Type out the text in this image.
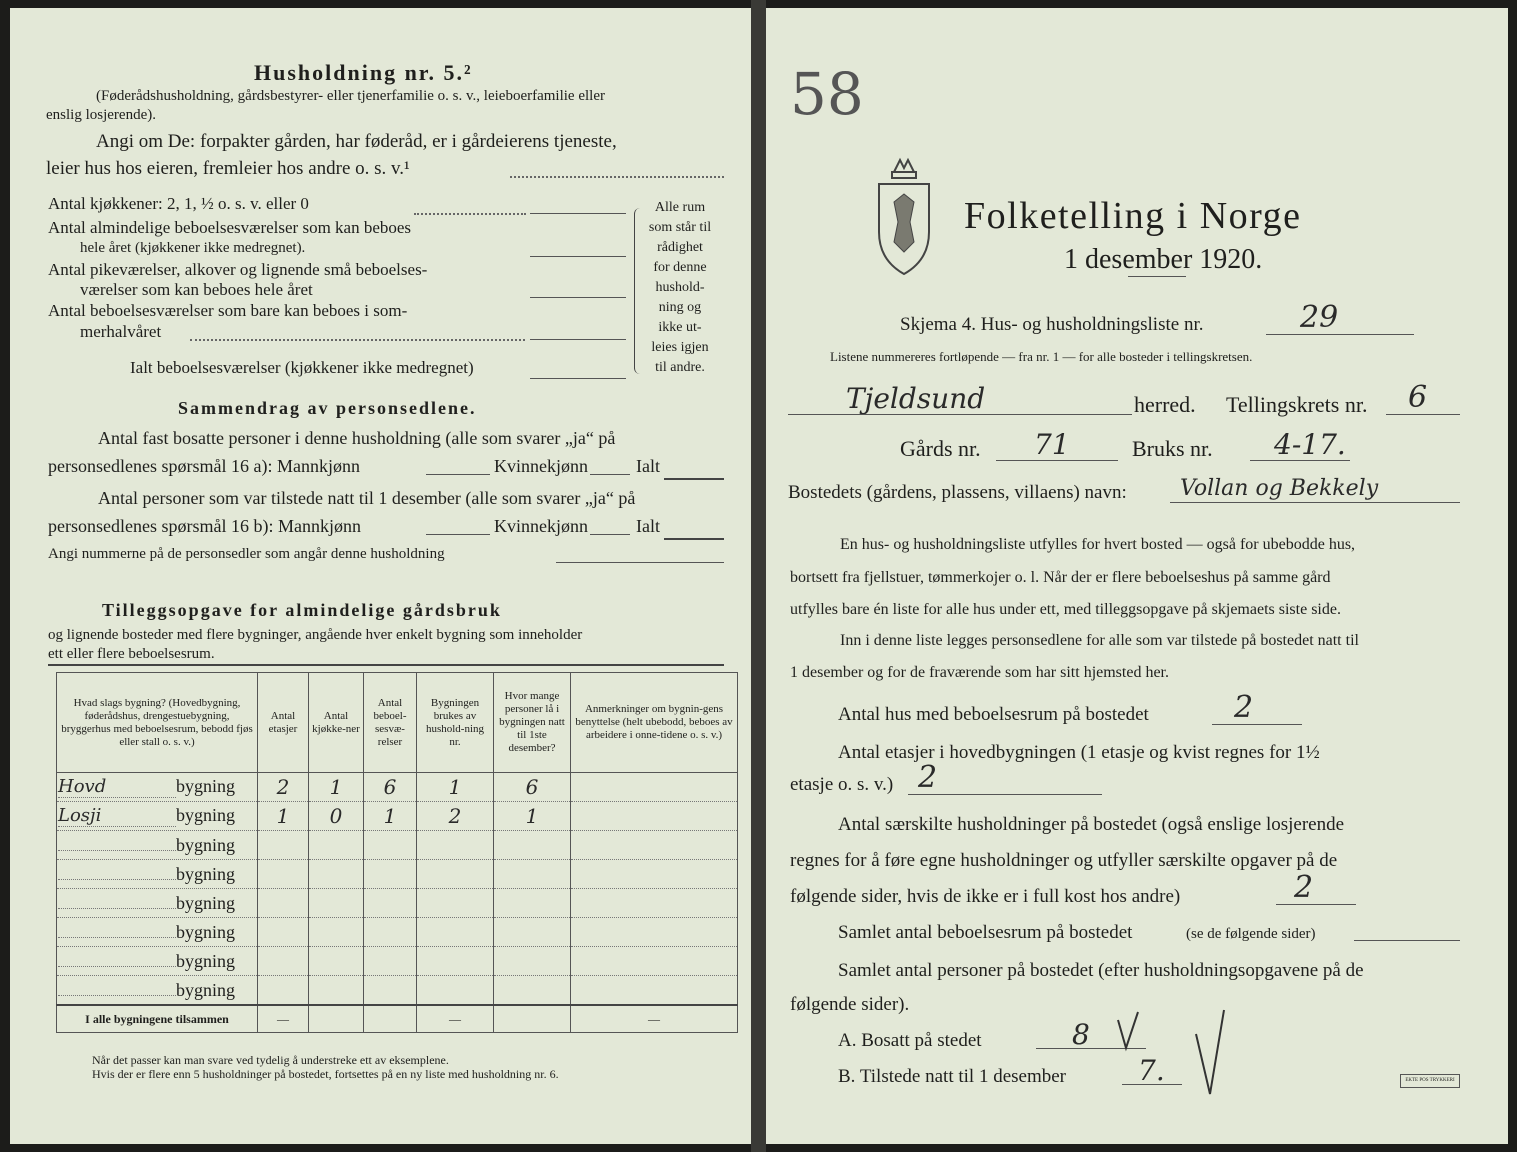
Husholdning nr. 5.²
(Føderådshusholdning, gårdsbestyrer- eller tjenerfamilie o. s. v., leieboerfamilie eller
enslig losjerende).
Angi om De: forpakter gården, har føderåd, er i gårdeierens tjeneste,
leier hus hos eieren, fremleier hos andre o. s. v.¹
Antal kjøkkener: 2, 1, ½ o. s. v. eller 0
Antal almindelige beboelsesværelser som kan beboes
hele året (kjøkkener ikke medregnet).
Antal pikeværelser, alkover og lignende små beboelses-
værelser som kan beboes hele året
Antal beboelsesværelser som bare kan beboes i som-
merhalvåret
Ialt beboelsesværelser (kjøkkener ikke medregnet)
Alle rum
som står til
rådighet
for denne
hushold-
ning og
ikke ut-
leies igjen
til andre.
Sammendrag av personsedlene.
Antal fast bosatte personer i denne husholdning (alle som svarer „ja“ på
personsedlenes spørsmål 16 a): Mannkjønn	Kvinnekjønn	Ialt
Antal personer som var tilstede natt til 1 desember (alle som svarer „ja“ på
personsedlenes spørsmål 16 b): Mannkjønn	Kvinnekjønn	Ialt
Angi nummerne på de personsedler som angår denne husholdning
Tilleggsopgave for almindelige gårdsbruk
og lignende bosteder med flere bygninger, angående hver enkelt bygning som inneholder
ett eller flere beboelsesrum.
Hvad slags bygning? (Hovedbygning, føderådshus, drengestuebygning, bryggerhus med beboelsesrum, bebodd fjøs eller stall o. s. v.)	Antal etasjer	Antal kjøkke-ner	Antal beboel-sesvæ-relser	Bygningen brukes av hushold-ning nr.	Hvor mange personer lå i bygningen natt til 1ste desember?	Anmerkninger om bygnin-gens benyttelse (helt ubebodd, beboes av arbeidere i onne-tidene o. s. v.)
Hovd bygning	2	1	6	1	6	
Losji bygning	1	0	1	2	1	
bygning						
bygning						
bygning						
bygning						
bygning						
bygning						
I alle bygningene tilsammen	—			—		—
Når det passer kan man svare ved tydelig å understreke ett av eksemplene.
Hvis der er flere enn 5 husholdninger på bostedet, fortsettes på en ny liste med husholdning nr. 6.
58
Folketelling i Norge
1 desember 1920.
Skjema 4. Hus- og husholdningsliste nr.	29
Listene nummereres fortløpende — fra nr. 1 — for alle bosteder i tellingskretsen.
Tjeldsund	herred. Tellingskrets nr. 6
Gårds nr. 71	Bruks nr. 4-17.
Bostedets (gårdens, plassens, villaens) navn: Vollan og Bekkely
En hus- og husholdningsliste utfylles for hvert bosted — også for ubebodde hus,
bortsett fra fjellstuer, tømmerkojer o. l. Når der er flere beboelseshus på samme gård
utfylles bare én liste for alle hus under ett, med tilleggsopgave på skjemaets siste side.
Inn i denne liste legges personsedlene for alle som var tilstede på bostedet natt til
1 desember og for de fraværende som har sitt hjemsted her.
Antal hus med beboelsesrum på bostedet	2
Antal etasjer i hovedbygningen (1 etasje og kvist regnes for 1½
etasje o. s. v.) 2
Antal særskilte husholdninger på bostedet (også enslige losjerende
regnes for å føre egne husholdninger og utfyller særskilte opgaver på de
følgende sider, hvis de ikke er i full kost hos andre)	2
Samlet antal beboelsesrum på bostedet	(se de følgende sider)
Samlet antal personer på bostedet (efter husholdningsopgavene på de
følgende sider).
A. Bosatt på stedet	8
B. Tilstede natt til 1 desember	7.	EKTE POS TRYKKERI
